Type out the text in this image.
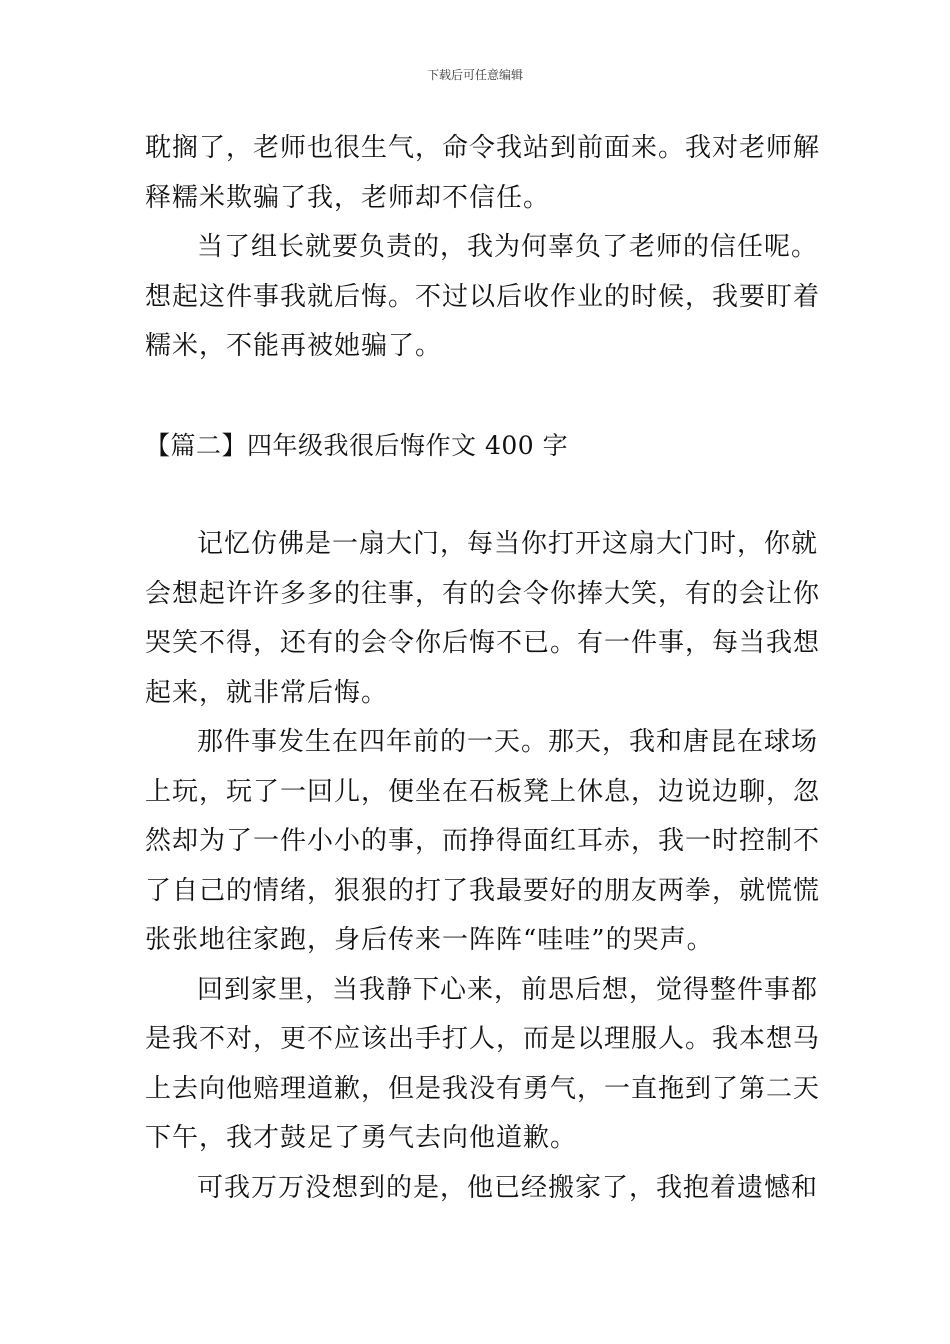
下载后可任意编辑
耽搁了，老师也很生气，命令我站到前面来。我对老师解
释糯米欺骗了我，老师却不信任。
当了组长就要负责的，我为何辜负了老师的信任呢。
想起这件事我就后悔。不过以后收作业的时候，我要盯着
糯米，不能再被她骗了。
【篇二】四年级我很后悔作文 400 字
记忆仿佛是一扇大门，每当你打开这扇大门时，你就
会想起许许多多的往事，有的会令你捧大笑，有的会让你
哭笑不得，还有的会令你后悔不已。有一件事，每当我想
起来，就非常后悔。
那件事发生在四年前的一天。那天，我和唐昆在球场
上玩，玩了一回儿，便坐在石板凳上休息，边说边聊，忽
然却为了一件小小的事，而挣得面红耳赤，我一时控制不
了自己的情绪，狠狠的打了我最要好的朋友两拳，就慌慌
张张地往家跑，身后传来一阵阵“哇哇”的哭声。
回到家里，当我静下心来，前思后想，觉得整件事都
是我不对，更不应该出手打人，而是以理服人。我本想马
上去向他赔理道歉，但是我没有勇气，一直拖到了第二天
下午，我才鼓足了勇气去向他道歉。
可我万万没想到的是，他已经搬家了，我抱着遗憾和
